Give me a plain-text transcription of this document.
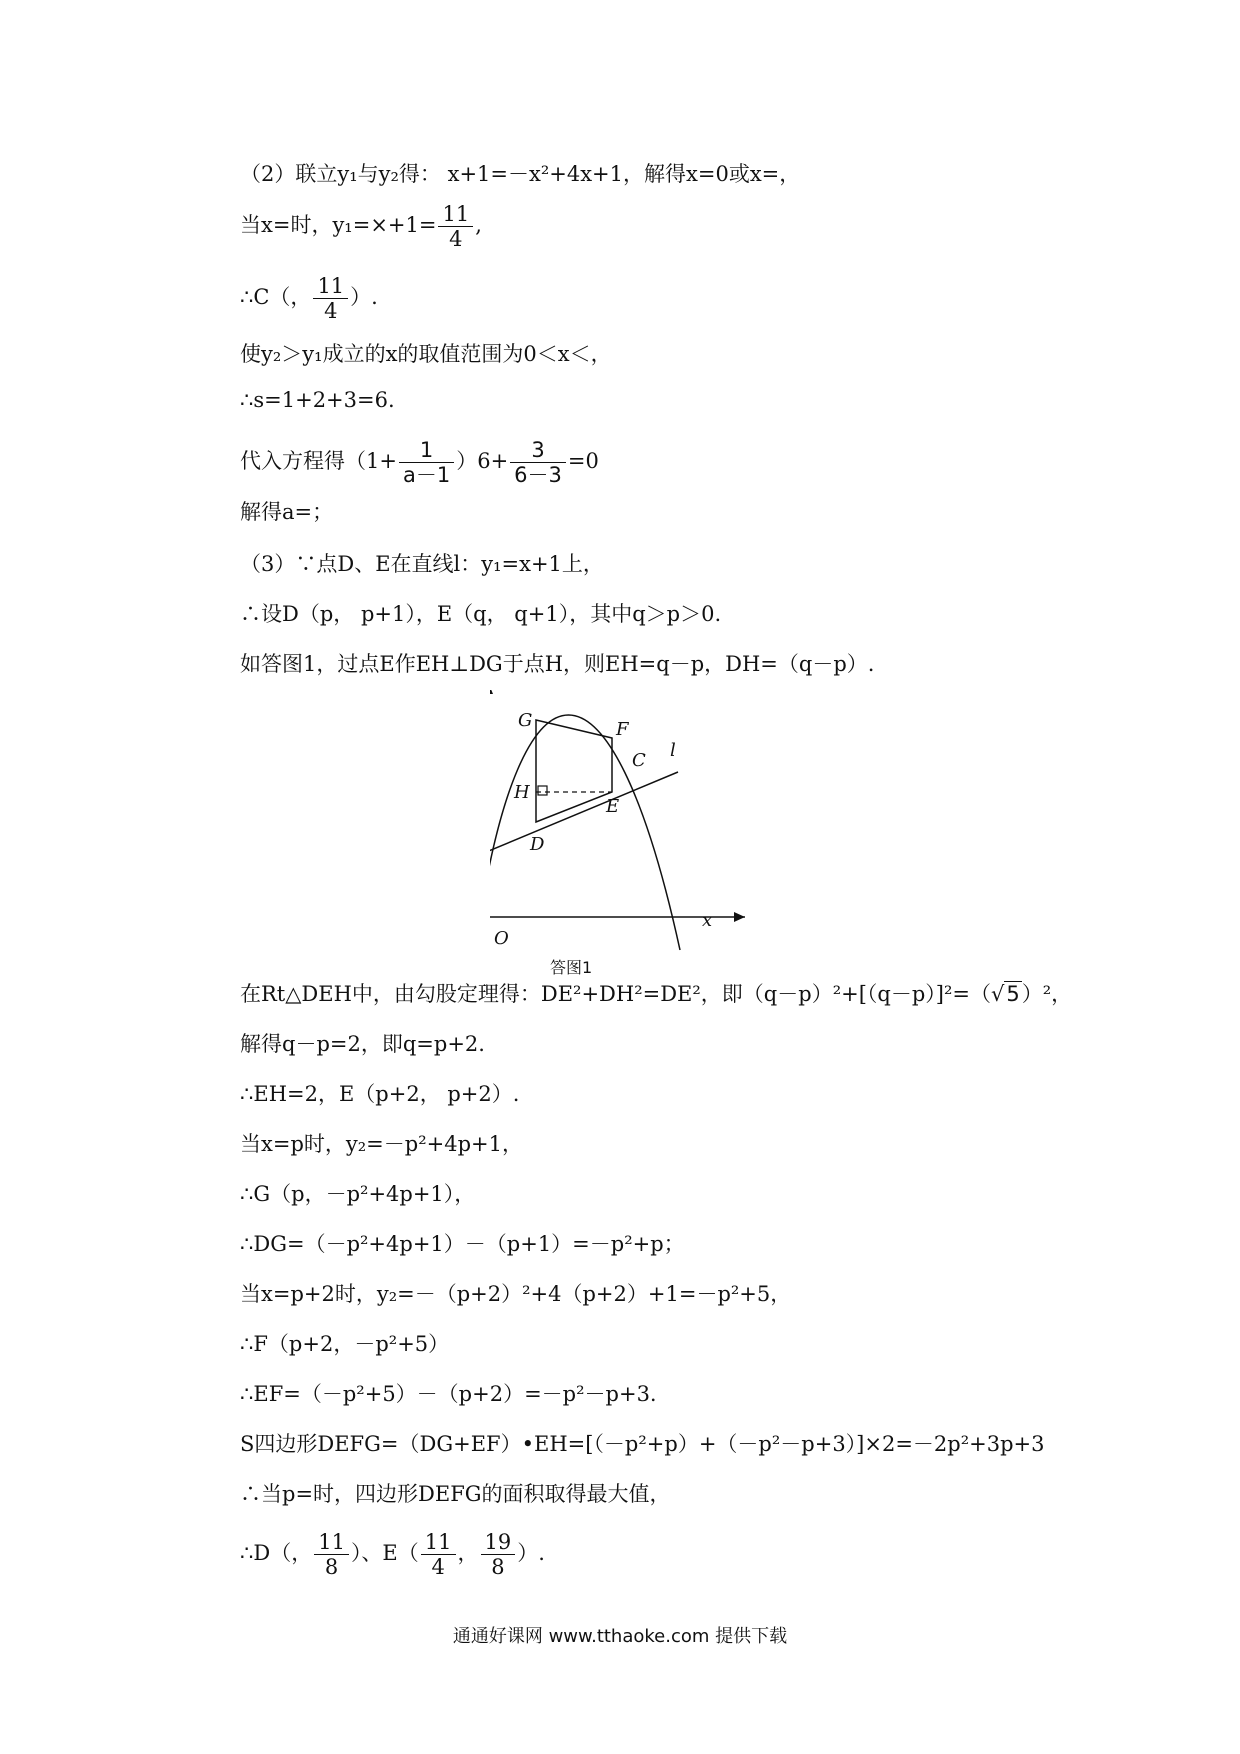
（2）联立y₁与y₂得： x+1=－x²+4x+1，解得x=0或x=，
当x=时，$y_1=\times+1= \frac{11}{4}$ ,
∴C（， $\frac{11}{4}$ ）.
使y₂＞y₁成立的x的取值范围为0＜x＜，
∴s=1+2+3=6.
代入方程得$(1+ \frac{1}{a-1} )6+ \frac{3}{6-3} =0$
解得a=；
（3）∵点D、E在直线l：y₁=x+1上，
∴设D（p， p+1），E（q， q+1），其中q＞p＞0.
如答图1，过点E作EH⊥DG于点H，则EH=q－p，DH=（q－p）.
x
G	F
C l
H
E
D
O
答图1
在Rt△DEH中，由勾股定理得：DE²+DH²=DE²，即（q－p）²+[（q－p）]²=（√5）²，
解得q－p=2，即q=p+2.
∴EH=2，E（p+2， p+2）.
当x=p时，y₂=－p²+4p+1，
∴G（p，－p²+4p+1），
∴DG=（－p²+4p+1）－（p+1）=－p²+p；
当x=p+2时，y₂=－（p+2）²+4（p+2）+1=－p²+5，
∴F（p+2，－p²+5）
∴EF=（－p²+5）－（p+2）=－p²－p+3.
S四边形DEFG=（DG+EF）•EH=[（－p²+p）+（－p²－p+3）]×2=－2p²+3p+3
∴当p=时，四边形DEFG的面积取得最大值，
∴D（， $\frac{11}{8}$ ）、$E( \frac{11}{4}$ ， $\frac{19}{8}$ ）.
通通好课网 www.tthaoke.com 提供下载
